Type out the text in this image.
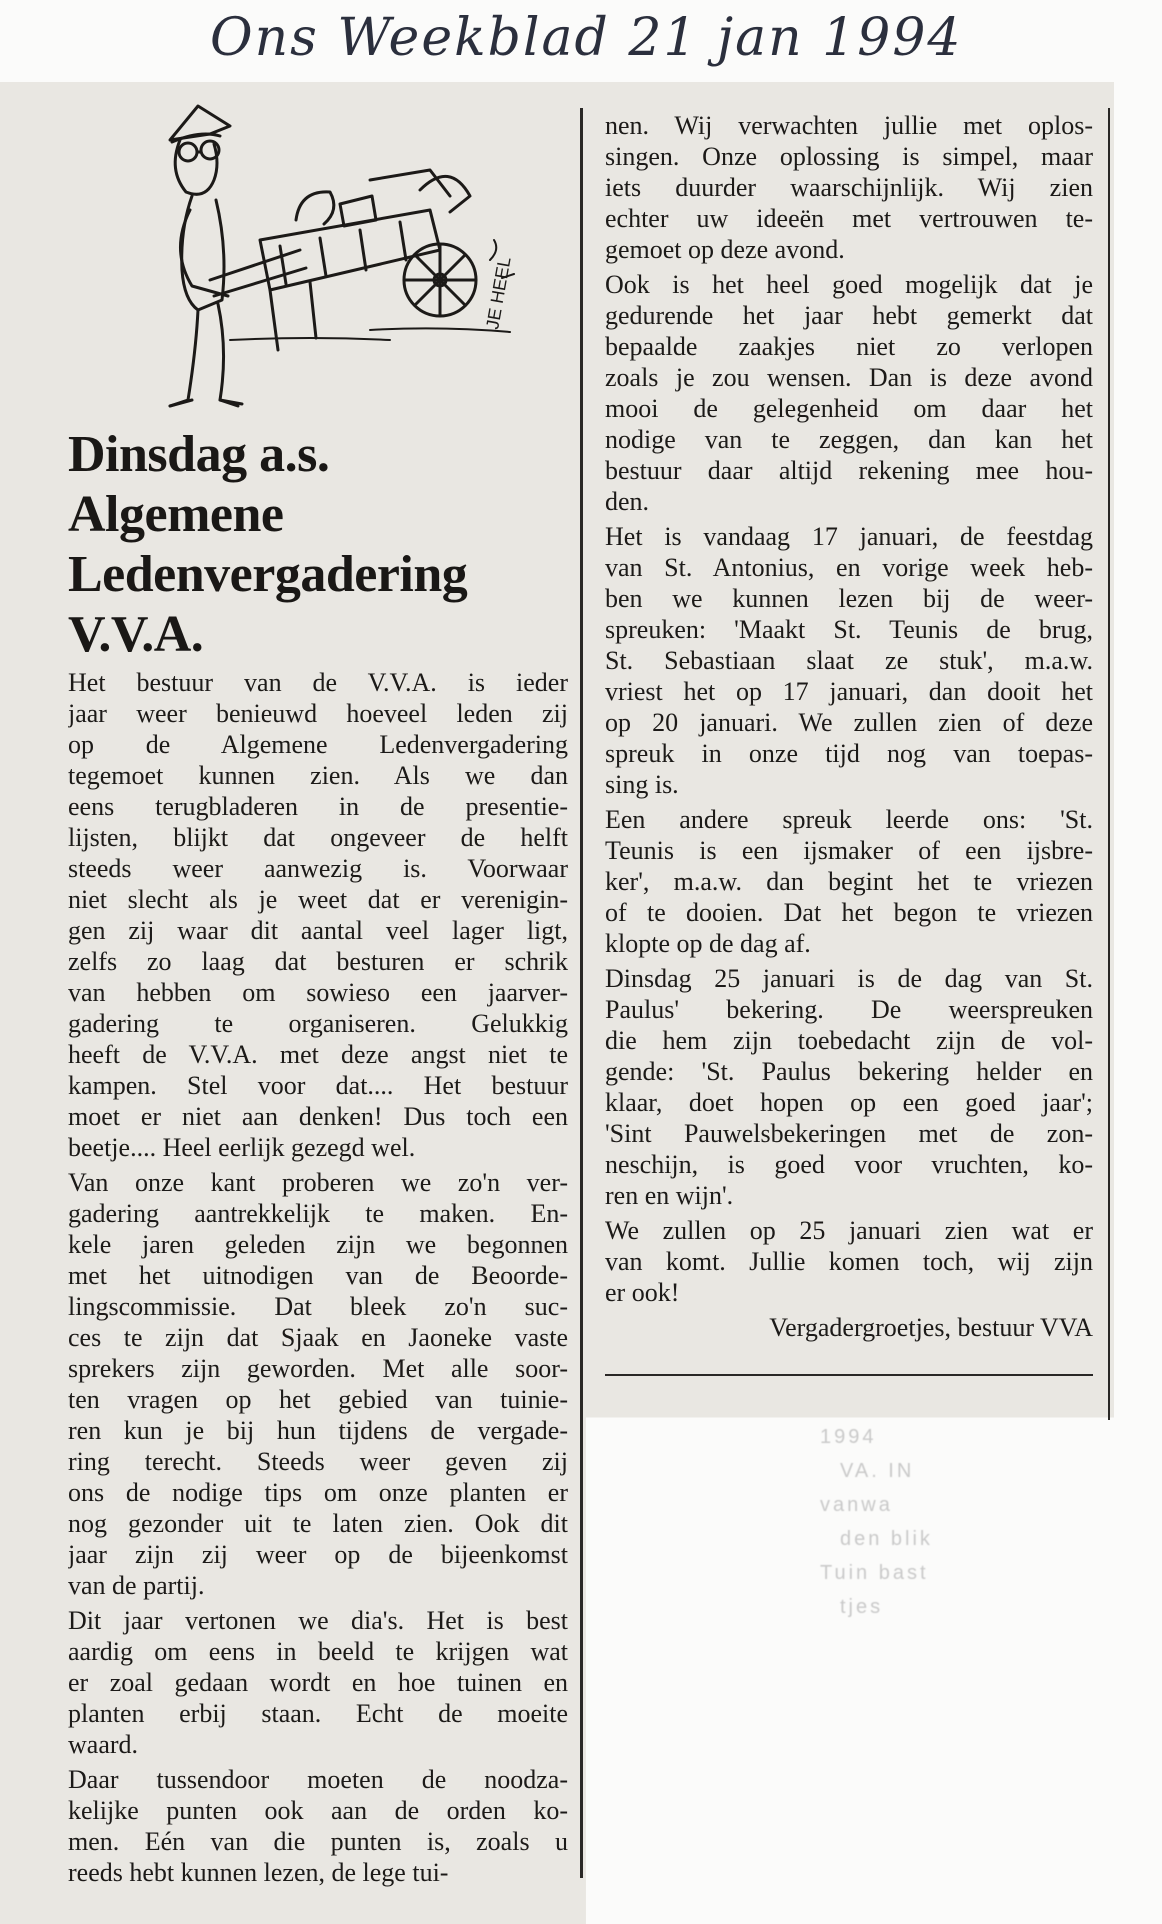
Ons Weekblad 21 jan 1994
JE HEEL
Dinsdag a.s.
Algemene
Ledenvergadering
V.V.A.
Het bestuur van de V.V.A. is ieder
jaar weer benieuwd hoeveel leden zij
op de Algemene Ledenvergadering
tegemoet kunnen zien. Als we dan
eens terugbladeren in de presentie-
lijsten, blijkt dat ongeveer de helft
steeds weer aanwezig is. Voorwaar
niet slecht als je weet dat er verenigin-
gen zij waar dit aantal veel lager ligt,
zelfs zo laag dat besturen er schrik
van hebben om sowieso een jaarver-
gadering te organiseren. Gelukkig
heeft de V.V.A. met deze angst niet te
kampen. Stel voor dat.... Het bestuur
moet er niet aan denken! Dus toch een
beetje.... Heel eerlijk gezegd wel.
Van onze kant proberen we zo'n ver-
gadering aantrekkelijk te maken. En-
kele jaren geleden zijn we begonnen
met het uitnodigen van de Beoorde-
lingscommissie. Dat bleek zo'n suc-
ces te zijn dat Sjaak en Jaoneke vaste
sprekers zijn geworden. Met alle soor-
ten vragen op het gebied van tuinie-
ren kun je bij hun tijdens de vergade-
ring terecht. Steeds weer geven zij
ons de nodige tips om onze planten er
nog gezonder uit te laten zien. Ook dit
jaar zijn zij weer op de bijeenkomst
van de partij.
Dit jaar vertonen we dia's. Het is best
aardig om eens in beeld te krijgen wat
er zoal gedaan wordt en hoe tuinen en
planten erbij staan. Echt de moeite
waard.
Daar tussendoor moeten de noodza-
kelijke punten ook aan de orden ko-
men. Eén van die punten is, zoals u
reeds hebt kunnen lezen, de lege tui-
nen. Wij verwachten jullie met oplos-
singen. Onze oplossing is simpel, maar
iets duurder waarschijnlijk. Wij zien
echter uw ideeën met vertrouwen te-
gemoet op deze avond.
Ook is het heel goed mogelijk dat je
gedurende het jaar hebt gemerkt dat
bepaalde zaakjes niet zo verlopen
zoals je zou wensen. Dan is deze avond
mooi de gelegenheid om daar het
nodige van te zeggen, dan kan het
bestuur daar altijd rekening mee hou-
den.
Het is vandaag 17 januari, de feestdag
van St. Antonius, en vorige week heb-
ben we kunnen lezen bij de weer-
spreuken: 'Maakt St. Teunis de brug,
St. Sebastiaan slaat ze stuk', m.a.w.
vriest het op 17 januari, dan dooit het
op 20 januari. We zullen zien of deze
spreuk in onze tijd nog van toepas-
sing is.
Een andere spreuk leerde ons: 'St.
Teunis is een ijsmaker of een ijsbre-
ker', m.a.w. dan begint het te vriezen
of te dooien. Dat het begon te vriezen
klopte op de dag af.
Dinsdag 25 januari is de dag van St.
Paulus' bekering. De weerspreuken
die hem zijn toebedacht zijn de vol-
gende: 'St. Paulus bekering helder en
klaar, doet hopen op een goed jaar';
'Sint Pauwelsbekeringen met de zon-
neschijn, is goed voor vruchten, ko-
ren en wijn'.
We zullen op 25 januari zien wat er
van komt. Jullie komen toch, wij zijn
er ook!
Vergadergroetjes, bestuur VVA
1994
VA. IN
vanwa
den blik
Tuin bast
tjes
